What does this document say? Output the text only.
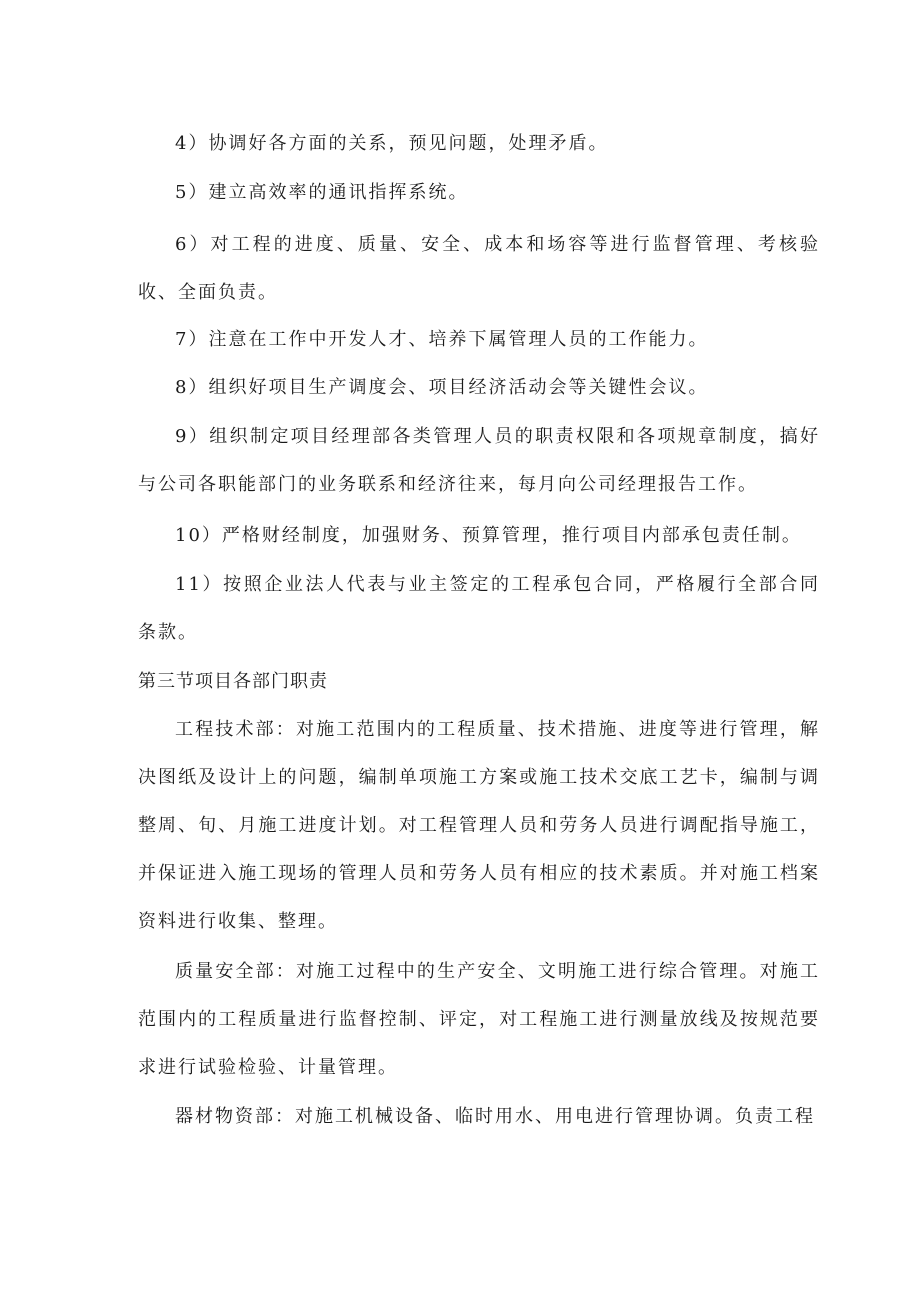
4）协调好各方面的关系，预见问题，处理矛盾。

5）建立高效率的通讯指挥系统。

6）对工程的进度、质量、安全、成本和场容等进行监督管理、考核验收、全面负责。

7）注意在工作中开发人才、培养下属管理人员的工作能力。

8）组织好项目生产调度会、项目经济活动会等关键性会议。

9）组织制定项目经理部各类管理人员的职责权限和各项规章制度，搞好与公司各职能部门的业务联系和经济往来，每月向公司经理报告工作。

10）严格财经制度，加强财务、预算管理，推行项目内部承包责任制。

11）按照企业法人代表与业主签定的工程承包合同，严格履行全部合同条款。

第三节项目各部门职责

工程技术部：对施工范围内的工程质量、技术措施、进度等进行管理，解决图纸及设计上的问题，编制单项施工方案或施工技术交底工艺卡，编制与调整周、旬、月施工进度计划。对工程管理人员和劳务人员进行调配指导施工，并保证进入施工现场的管理人员和劳务人员有相应的技术素质。并对施工档案资料进行收集、整理。

质量安全部：对施工过程中的生产安全、文明施工进行综合管理。对施工范围内的工程质量进行监督控制、评定，对工程施工进行测量放线及按规范要求进行试验检验、计量管理。

器材物资部：对施工机械设备、临时用水、用电进行管理协调。负责工程
